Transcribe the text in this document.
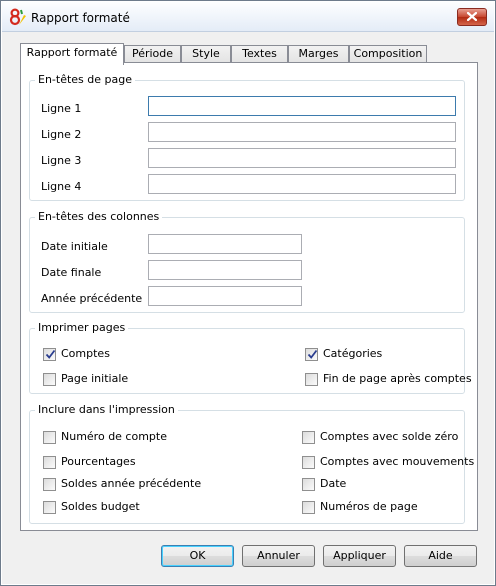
Rapport formaté
Rapport formaté	Période	Style	Textes	Marges	Composition
En-têtes de page
Ligne 1
Ligne 2
Ligne 3
Ligne 4
En-têtes des colonnes
Date initiale
Date finale
Année précédente
Imprimer pages
Comptes	Catégories
Page initiale	Fin de page après comptes
Inclure dans l'impression
Numéro de compte	Comptes avec solde zéro
Pourcentages	Comptes avec mouvements
Soldes année précédente	Date
Soldes budget	Numéros de page
OK	Annuler	Appliquer	Aide
